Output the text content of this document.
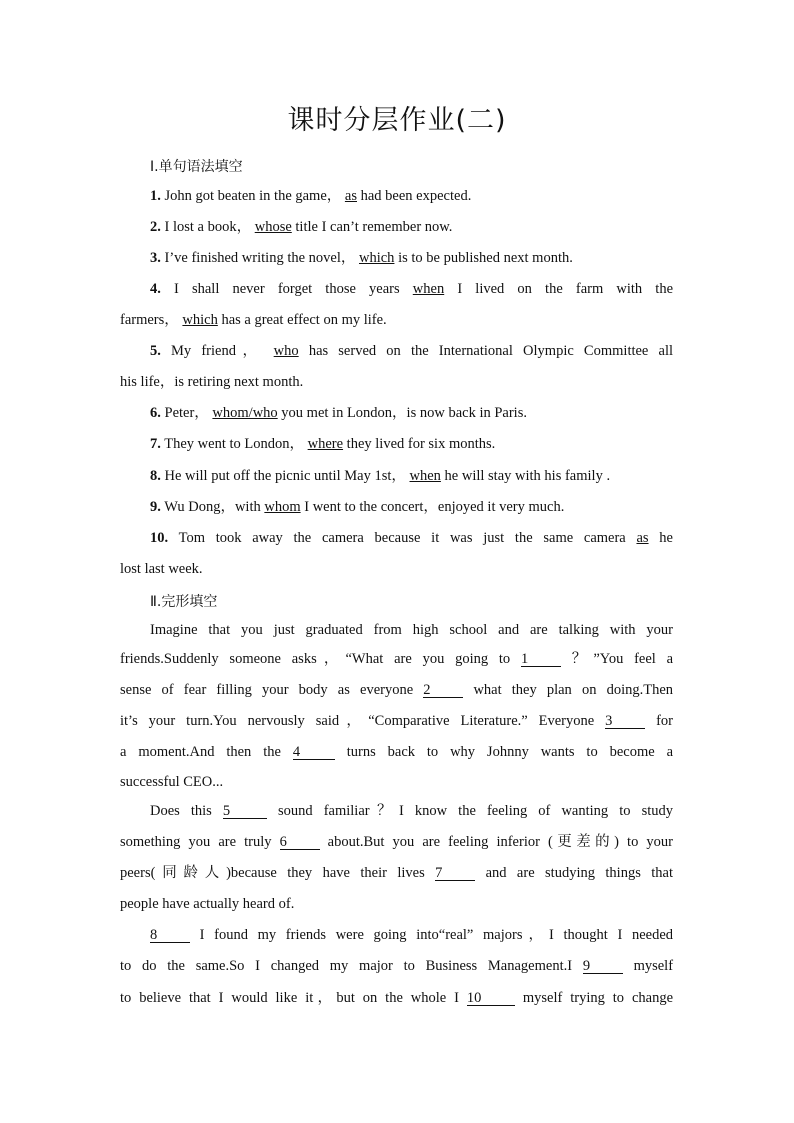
课时分层作业(二)
Ⅰ.单句语法填空
1. John got beaten in the game， as had been expected.
2. I lost a book， whose title I can’t remember now.
3. I’ve finished writing the novel， which is to be published next month.
4. I shall never forget those years when I lived on the farm with the
farmers， which has a great effect on my life.
5. My friend， who has served on the International Olympic Committee all
his life，is retiring next month.
6. Peter， whom/who you met in London，is now back in Paris.
7. They went to London， where they lived for six months.
8. He will put off the picnic until May 1st， when he will stay with his family .
9. Wu Dong，with whom I went to the concert，enjoyed it very much.
10. Tom took away the camera because it was just the same camera as he
lost last week.
Ⅱ.完形填空
Imagine that you just graduated from high school and are talking with your
friends.Suddenly someone asks，“What are you going to 1	？”You feel a
sense of fear filling your body as everyone 2	what they plan on doing.Then
it’s your turn.You nervously said，“Comparative Literature.” Everyone 3	for
a moment.And then the 4	turns back to why Johnny wants to become a
successful CEO...
Does this 5	sound familiar？I know the feeling of wanting to study
something you are truly 6	about.But you are feeling inferior (更差的) to your
peers(同龄人)because they have their lives 7	and are studying things that
people have actually heard of.
8	I found my friends were going into“real” majors，I thought I needed
to do the same.So I changed my major to Business Management.I 9	myself
to believe that I would like it，but on the whole I 10	myself trying to change
